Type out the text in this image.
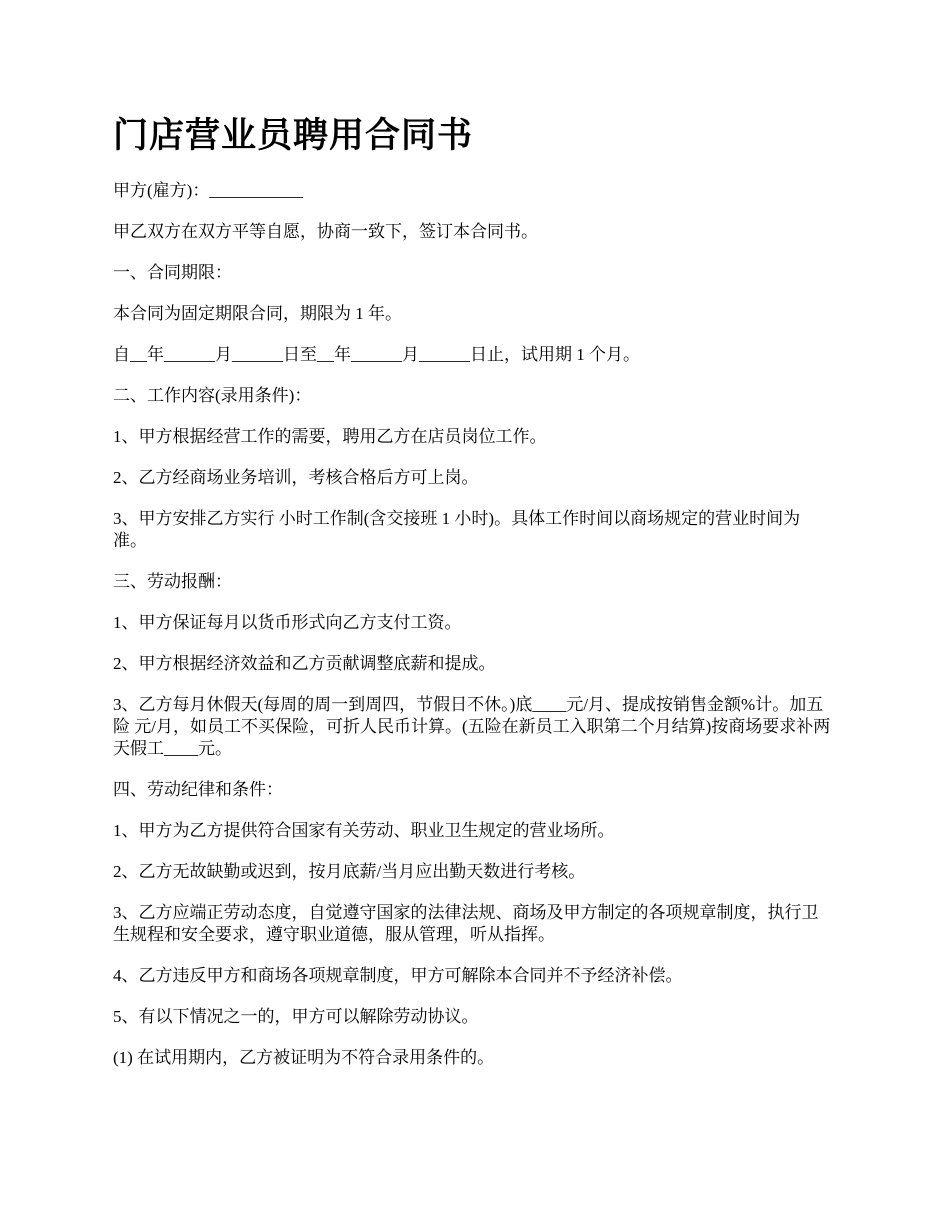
门店营业员聘用合同书

甲方(雇方)：___________

甲乙双方在双方平等自愿，协商一致下，签订本合同书。

一、合同期限：

本合同为固定期限合同，期限为 1 年。

自__年______月______日至__年______月______日止，试用期 1 个月。

二、工作内容(录用条件)：

1、甲方根据经营工作的需要，聘用乙方在店员岗位工作。

2、乙方经商场业务培训，考核合格后方可上岗。

3、甲方安排乙方实行 小时工作制(含交接班 1 小时)。具体工作时间以商场规定的营业时间为准。

三、劳动报酬：

1、甲方保证每月以货币形式向乙方支付工资。

2、甲方根据经济效益和乙方贡献调整底薪和提成。

3、乙方每月休假天(每周的周一到周四，节假日不休。)底____元/月、提成按销售金额%计。加五险 元/月，如员工不买保险，可折人民币计算。(五险在新员工入职第二个月结算)按商场要求补两天假工____元。

四、劳动纪律和条件：

1、甲方为乙方提供符合国家有关劳动、职业卫生规定的营业场所。

2、乙方无故缺勤或迟到，按月底薪/当月应出勤天数进行考核。

3、乙方应端正劳动态度，自觉遵守国家的法律法规、商场及甲方制定的各项规章制度，执行卫生规程和安全要求，遵守职业道德，服从管理，听从指挥。

4、乙方违反甲方和商场各项规章制度，甲方可解除本合同并不予经济补偿。

5、有以下情况之一的，甲方可以解除劳动协议。

(1) 在试用期内，乙方被证明为不符合录用条件的。
